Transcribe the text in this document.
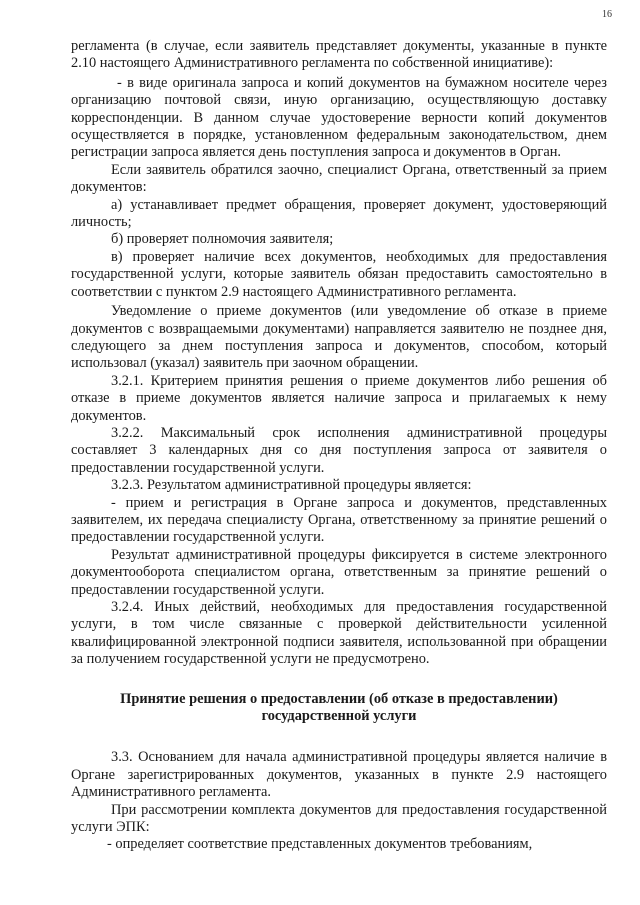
16

регламента (в случае, если заявитель представляет документы, указанные в пункте 2.10 настоящего Административного регламента по собственной инициативе):

- в виде оригинала запроса и копий документов на бумажном носителе через организацию почтовой связи, иную организацию, осуществляющую доставку корреспонденции. В данном случае удостоверение верности копий документов осуществляется в порядке, установленном федеральным законодательством, днем регистрации запроса является день поступления запроса и документов в Орган.

Если заявитель обратился заочно, специалист Органа, ответственный за прием документов:

а) устанавливает предмет обращения, проверяет документ, удостоверяющий личность;

б) проверяет полномочия заявителя;

в) проверяет наличие всех документов, необходимых для предоставления государственной услуги, которые заявитель обязан предоставить самостоятельно в соответствии с пунктом 2.9 настоящего Административного регламента.

Уведомление о приеме документов (или уведомление об отказе в приеме документов с возвращаемыми документами) направляется заявителю не позднее дня, следующего за днем поступления запроса и документов, способом, который использовал (указал) заявитель при заочном обращении.

3.2.1. Критерием принятия решения о приеме документов либо решения об отказе в приеме документов является наличие запроса и прилагаемых к нему документов.

3.2.2. Максимальный срок исполнения административной процедуры составляет 3 календарных дня со дня поступления запроса от заявителя о предоставлении государственной услуги.

3.2.3. Результатом административной процедуры является:

- прием и регистрация в Органе запроса и документов, представленных заявителем, их передача специалисту Органа, ответственному за принятие решений о предоставлении государственной услуги.

Результат административной процедуры фиксируется в системе электронного документооборота специалистом органа, ответственным за принятие решений о предоставлении государственной услуги.

3.2.4. Иных действий, необходимых для предоставления государственной услуги, в том числе связанные с проверкой действительности усиленной квалифицированной электронной подписи заявителя, использованной при обращении за получением государственной услуги не предусмотрено.

Принятие решения о предоставлении (об отказе в предоставлении) государственной услуги

3.3. Основанием для начала административной процедуры является наличие в Органе зарегистрированных документов, указанных в пункте 2.9 настоящего Административного регламента.

При рассмотрении комплекта документов для предоставления государственной услуги ЭПК:

- определяет соответствие представленных документов требованиям,
